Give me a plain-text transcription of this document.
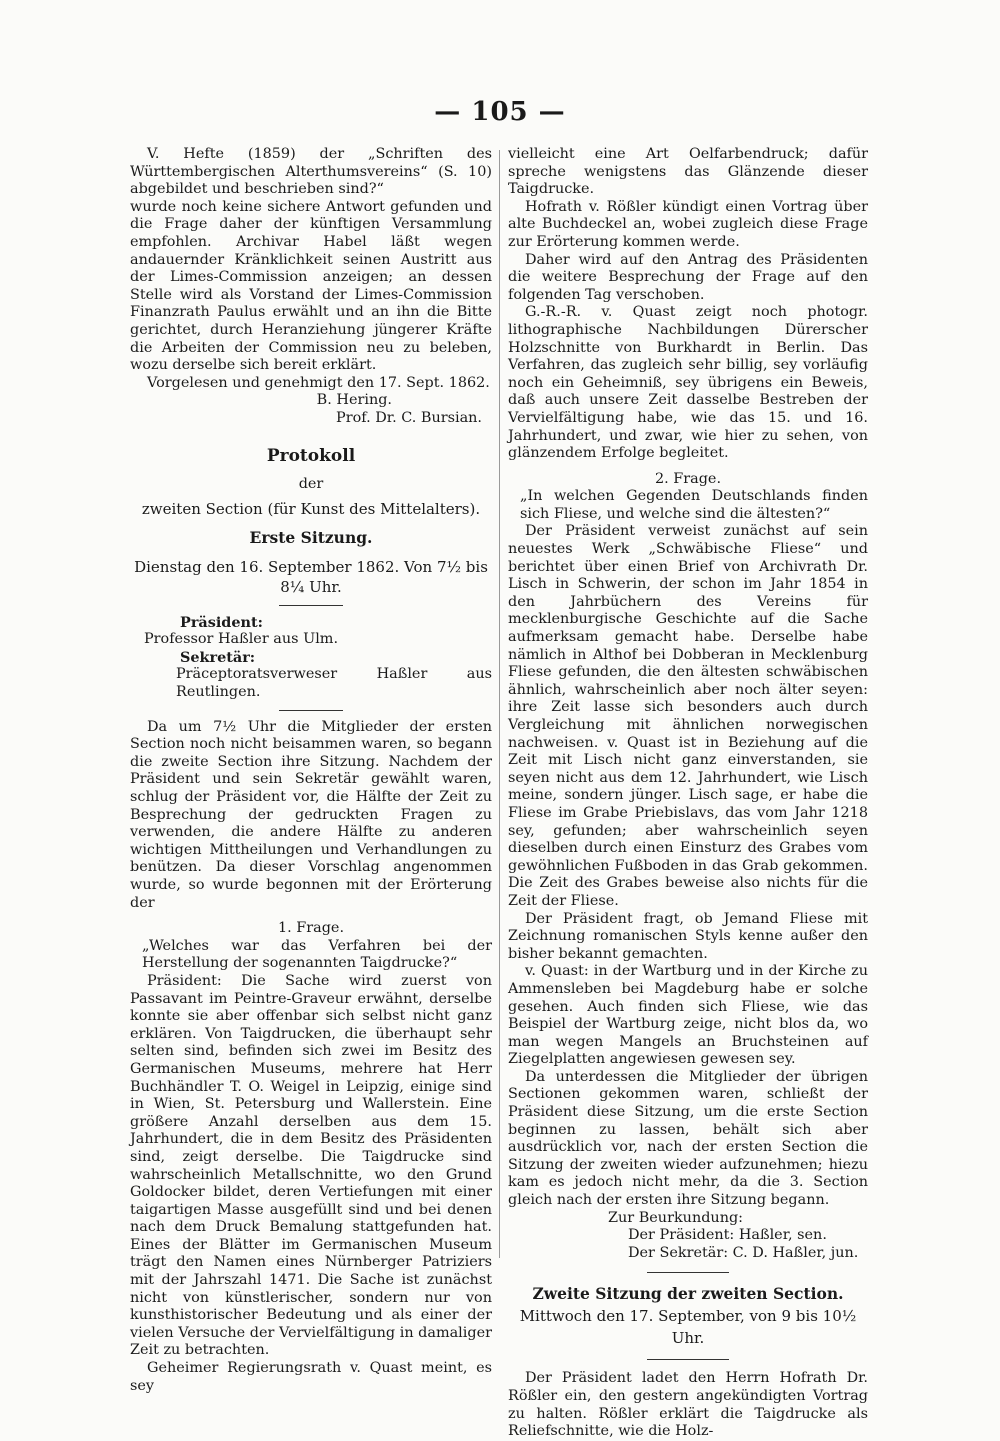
— 105 —

V. Hefte (1859) der „Schriften des Württembergischen Alterthumsvereins“ (S. 10) abgebildet und beschrieben sind?“

wurde noch keine sichere Antwort gefunden und die Frage daher der künftigen Versammlung empfohlen. Archivar Habel läßt wegen andauernder Kränklichkeit seinen Austritt aus der Limes-Commission anzeigen; an dessen Stelle wird als Vorstand der Limes-Commission Finanzrath Paulus erwählt und an ihn die Bitte gerichtet, durch Heranziehung jüngerer Kräfte die Arbeiten der Commission neu zu beleben, wozu derselbe sich bereit erklärt.

Vorgelesen und genehmigt den 17. Sept. 1862.

B. Hering.

Prof. Dr. C. Bursian.

Protokoll

der

zweiten Section (für Kunst des Mittelalters).

Erste Sitzung.

Dienstag den 16. September 1862. Von 7½ bis 8¼ Uhr.

Präsident:

Professor Haßler aus Ulm.

Sekretär:

Präceptoratsverweser Haßler aus Reutlingen.

Da um 7½ Uhr die Mitglieder der ersten Section noch nicht beisammen waren, so begann die zweite Section ihre Sitzung. Nachdem der Präsident und sein Sekretär gewählt waren, schlug der Präsident vor, die Hälfte der Zeit zu Besprechung der gedruckten Fragen zu verwenden, die andere Hälfte zu anderen wichtigen Mittheilungen und Verhandlungen zu benützen. Da dieser Vorschlag angenommen wurde, so wurde begonnen mit der Erörterung der

1. Frage.

„Welches war das Verfahren bei der Herstellung der sogenannten Taigdrucke?“

Präsident: Die Sache wird zuerst von Passavant im Peintre-Graveur erwähnt, derselbe konnte sie aber offenbar sich selbst nicht ganz erklären. Von Taigdrucken, die überhaupt sehr selten sind, befinden sich zwei im Besitz des Germanischen Museums, mehrere hat Herr Buchhändler T. O. Weigel in Leipzig, einige sind in Wien, St. Petersburg und Wallerstein. Eine größere Anzahl derselben aus dem 15. Jahrhundert, die in dem Besitz des Präsidenten sind, zeigt derselbe. Die Taigdrucke sind wahrscheinlich Metallschnitte, wo den Grund Goldocker bildet, deren Vertiefungen mit einer taigartigen Masse ausgefüllt sind und bei denen nach dem Druck Bemalung stattgefunden hat. Eines der Blätter im Germanischen Museum trägt den Namen eines Nürnberger Patriziers mit der Jahrszahl 1471. Die Sache ist zunächst nicht von künstlerischer, sondern nur von kunsthistorischer Bedeutung und als einer der vielen Versuche der Vervielfältigung in damaliger Zeit zu betrachten.

Geheimer Regierungsrath v. Quast meint, es sey

vielleicht eine Art Oelfarbendruck; dafür spreche wenigstens das Glänzende dieser Taigdrucke.

Hofrath v. Rößler kündigt einen Vortrag über alte Buchdeckel an, wobei zugleich diese Frage zur Erörterung kommen werde.

Daher wird auf den Antrag des Präsidenten die weitere Besprechung der Frage auf den folgenden Tag verschoben.

G.-R.-R. v. Quast zeigt noch photogr. lithographische Nachbildungen Dürerscher Holzschnitte von Burkhardt in Berlin. Das Verfahren, das zugleich sehr billig, sey vorläufig noch ein Geheimniß, sey übrigens ein Beweis, daß auch unsere Zeit dasselbe Bestreben der Vervielfältigung habe, wie das 15. und 16. Jahrhundert, und zwar, wie hier zu sehen, von glänzendem Erfolge begleitet.

2. Frage.

„In welchen Gegenden Deutschlands finden sich Fliese, und welche sind die ältesten?“

Der Präsident verweist zunächst auf sein neuestes Werk „Schwäbische Fliese“ und berichtet über einen Brief von Archivrath Dr. Lisch in Schwerin, der schon im Jahr 1854 in den Jahrbüchern des Vereins für mecklenburgische Geschichte auf die Sache aufmerksam gemacht habe. Derselbe habe nämlich in Althof bei Dobberan in Mecklenburg Fliese gefunden, die den ältesten schwäbischen ähnlich, wahrscheinlich aber noch älter seyen: ihre Zeit lasse sich besonders auch durch Vergleichung mit ähnlichen norwegischen nachweisen. v. Quast ist in Beziehung auf die Zeit mit Lisch nicht ganz einverstanden, sie seyen nicht aus dem 12. Jahrhundert, wie Lisch meine, sondern jünger. Lisch sage, er habe die Fliese im Grabe Priebislavs, das vom Jahr 1218 sey, gefunden; aber wahrscheinlich seyen dieselben durch einen Einsturz des Grabes vom gewöhnlichen Fußboden in das Grab gekommen. Die Zeit des Grabes beweise also nichts für die Zeit der Fliese.

Der Präsident fragt, ob Jemand Fliese mit Zeichnung romanischen Styls kenne außer den bisher bekannt gemachten.

v. Quast: in der Wartburg und in der Kirche zu Ammensleben bei Magdeburg habe er solche gesehen. Auch finden sich Fliese, wie das Beispiel der Wartburg zeige, nicht blos da, wo man wegen Mangels an Bruchsteinen auf Ziegelplatten angewiesen gewesen sey.

Da unterdessen die Mitglieder der übrigen Sectionen gekommen waren, schließt der Präsident diese Sitzung, um die erste Section beginnen zu lassen, behält sich aber ausdrücklich vor, nach der ersten Section die Sitzung der zweiten wieder aufzunehmen; hiezu kam es jedoch nicht mehr, da die 3. Section gleich nach der ersten ihre Sitzung begann.

Zur Beurkundung:

Der Präsident: Haßler, sen.

Der Sekretär: C. D. Haßler, jun.

Zweite Sitzung der zweiten Section.

Mittwoch den 17. September, von 9 bis 10½ Uhr.

Der Präsident ladet den Herrn Hofrath Dr. Rößler ein, den gestern angekündigten Vortrag zu halten. Rößler erklärt die Taigdrucke als Reliefschnitte, wie die Holz-
